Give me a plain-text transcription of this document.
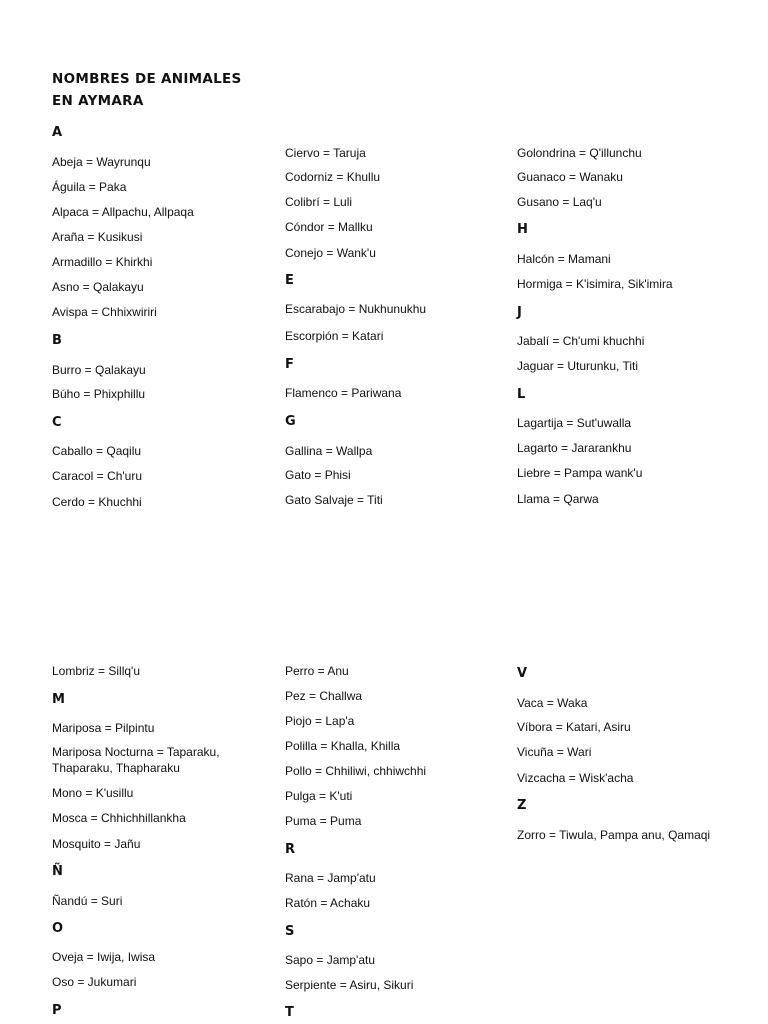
NOMBRES DE ANIMALES
EN AYMARA
A
Abeja = Wayrunqu
Águila = Paka
Alpaca = Allpachu, Allpaqa
Araña = Kusikusi
Armadillo = Khirkhi
Asno = Qalakayu
Avispa = Chhixwiriri
B
Burro = Qalakayu
Búho = Phixphillu
C
Caballo = Qaqilu
Caracol = Ch'uru
Cerdo = Khuchhi
Ciervo = Taruja
Codorniz = Khullu
Colibrí = Luli
Cóndor = Mallku
Conejo = Wank'u
E
Escarabajo = Nukhunukhu
Escorpión = Katari
F
Flamenco = Pariwana
G
Gallina = Wallpa
Gato = Phisi
Gato Salvaje = Titi
Golondrina = Q'illunchu
Guanaco = Wanaku
Gusano = Laq'u
H
Halcón = Mamani
Hormiga = K'isimira, Sik'imira
J
Jabalí = Ch'umi khuchhi
Jaguar = Uturunku, Titi
L
Lagartija = Sut'uwalla
Lagarto = Jararankhu
Liebre = Pampa wank'u
Llama = Qarwa
Lombriz = Sillq'u
M
Mariposa = Pilpintu
Mariposa Nocturna = Taparaku, Thaparaku, Thapharaku
Mono = K'usillu
Mosca = Chhichhillankha
Mosquito = Jañu
Ñ
Ñandú = Suri
O
Oveja = Iwija, Iwisa
Oso = Jukumari
P
Perro = Anu
Pez = Challwa
Piojo = Lap'a
Polilla = Khalla, Khilla
Pollo = Chhiliwi, chhiwchhi
Pulga = K'uti
Puma = Puma
R
Rana = Jamp'atu
Ratón = Achaku
S
Sapo = Jamp'atu
Serpiente = Asiru, Sikuri
T
V
Vaca = Waka
Víbora = Katari, Asiru
Vicuña = Wari
Vizcacha = Wisk'acha
Z
Zorro = Tiwula, Pampa anu, Qamaqi
